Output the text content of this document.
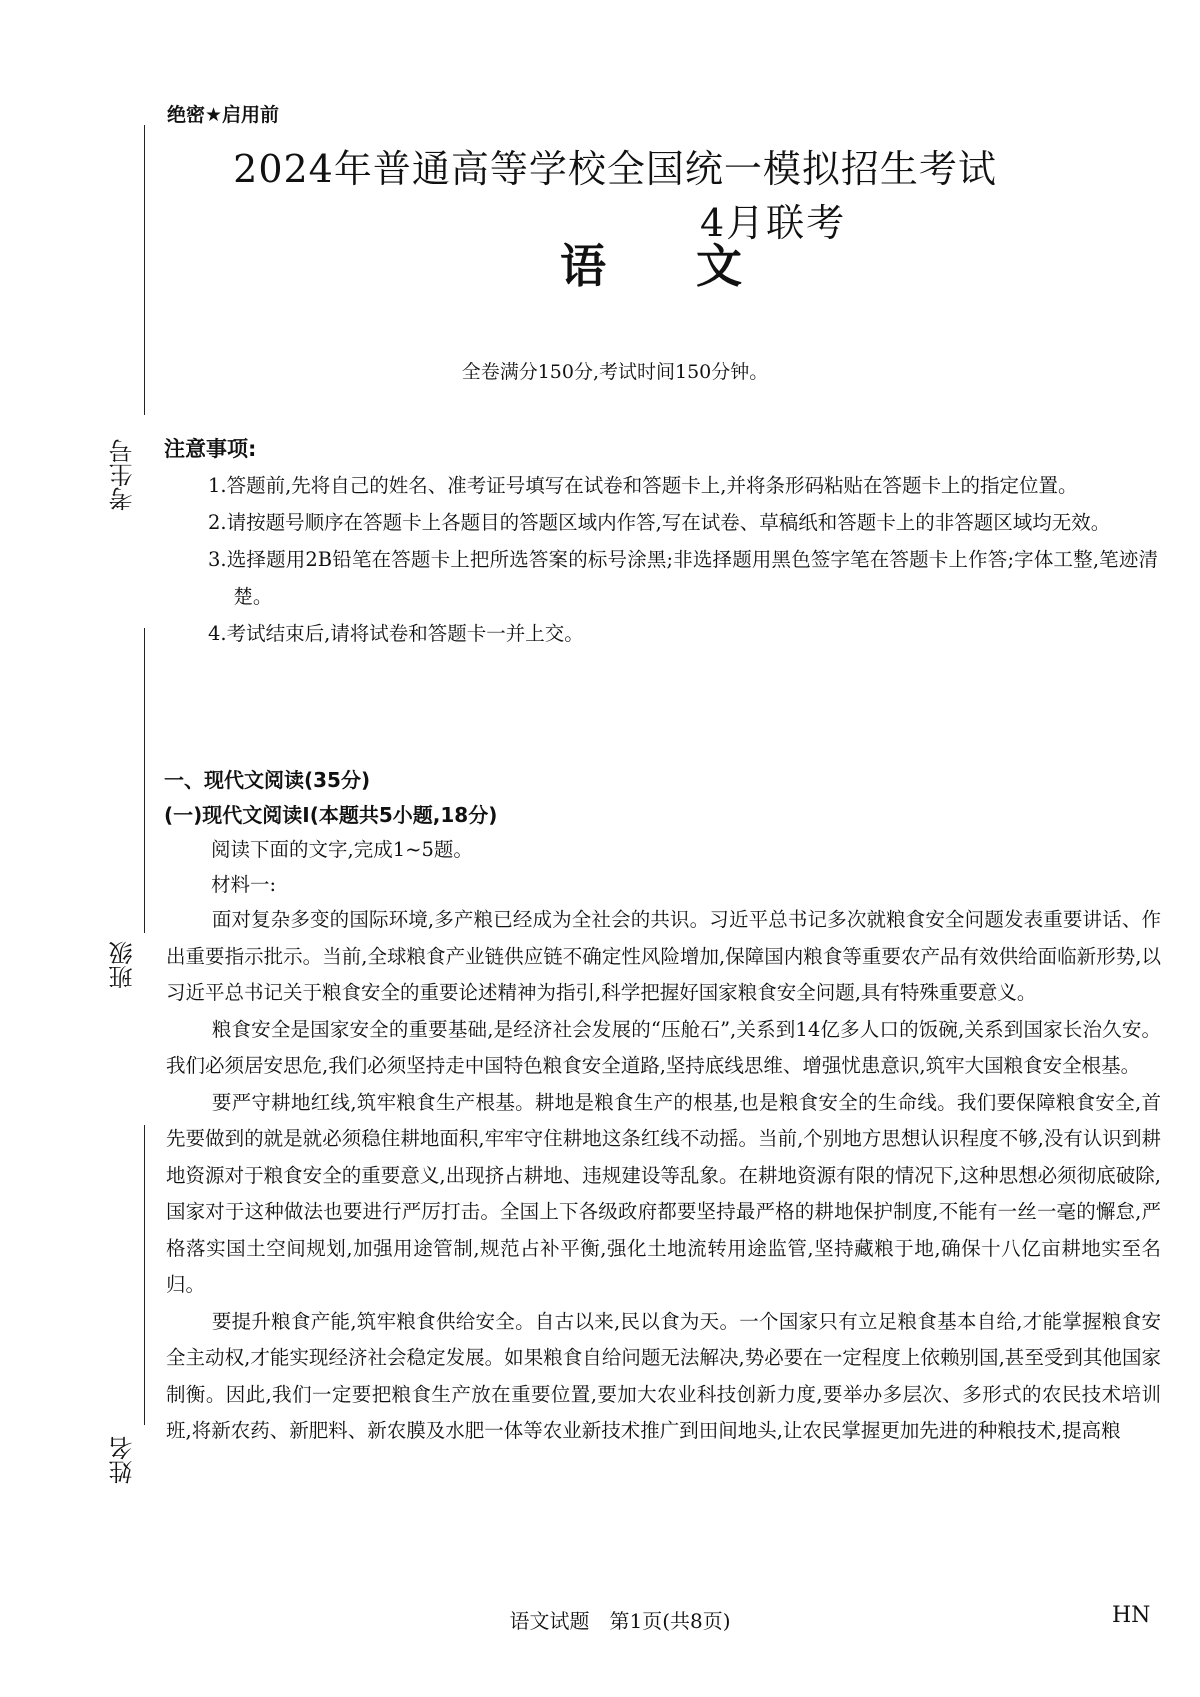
考生号
班级
姓名
绝密★启用前
2024年普通高等学校全国统一模拟招生考试
4月联考
语文
全卷满分150分,考试时间150分钟。
注意事项:
1.答题前,先将自己的姓名、准考证号填写在试卷和答题卡上,并将条形码粘贴在答题卡上的指定位置。
2.请按题号顺序在答题卡上各题目的答题区域内作答,写在试卷、草稿纸和答题卡上的非答题区域均无效。
3.选择题用2B铅笔在答题卡上把所选答案的标号涂黑;非选择题用黑色签字笔在答题卡上作答;字体工整,笔迹清楚。
4.考试结束后,请将试卷和答题卡一并上交。
一、现代文阅读(35分)
(一)现代文阅读Ⅰ(本题共5小题,18分)
阅读下面的文字,完成1~5题。
材料一:

面对复杂多变的国际环境,多产粮已经成为全社会的共识。习近平总书记多次就粮食安全问题发表重要讲话、作出重要指示批示。当前,全球粮食产业链供应链不确定性风险增加,保障国内粮食等重要农产品有效供给面临新形势,以习近平总书记关于粮食安全的重要论述精神为指引,科学把握好国家粮食安全问题,具有特殊重要意义。

粮食安全是国家安全的重要基础,是经济社会发展的“压舱石”,关系到14亿多人口的饭碗,关系到国家长治久安。我们必须居安思危,我们必须坚持走中国特色粮食安全道路,坚持底线思维、增强忧患意识,筑牢大国粮食安全根基。

要严守耕地红线,筑牢粮食生产根基。耕地是粮食生产的根基,也是粮食安全的生命线。我们要保障粮食安全,首先要做到的就是就必须稳住耕地面积,牢牢守住耕地这条红线不动摇。当前,个别地方思想认识程度不够,没有认识到耕地资源对于粮食安全的重要意义,出现挤占耕地、违规建设等乱象。在耕地资源有限的情况下,这种思想必须彻底破除,国家对于这种做法也要进行严厉打击。全国上下各级政府都要坚持最严格的耕地保护制度,不能有一丝一毫的懈怠,严格落实国土空间规划,加强用途管制,规范占补平衡,强化土地流转用途监管,坚持藏粮于地,确保十八亿亩耕地实至名归。

要提升粮食产能,筑牢粮食供给安全。自古以来,民以食为天。一个国家只有立足粮食基本自给,才能掌握粮食安全主动权,才能实现经济社会稳定发展。如果粮食自给问题无法解决,势必要在一定程度上依赖别国,甚至受到其他国家制衡。因此,我们一定要把粮食生产放在重要位置,要加大农业科技创新力度,要举办多层次、多形式的农民技术培训班,将新农药、新肥料、新农膜及水肥一体等农业新技术推广到田间地头,让农民掌握更加先进的种粮技术,提高粮

语文试题　第1页(共8页)	HN
